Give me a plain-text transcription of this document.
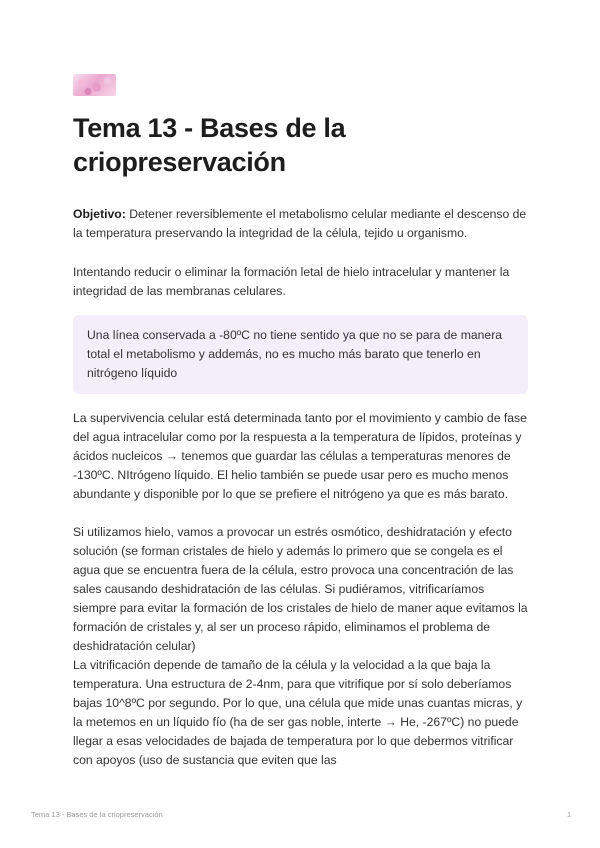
Tema 13 - Bases de la criopreservación

Objetivo: Detener reversiblemente el metabolismo celular mediante el descenso de la temperatura preservando la integridad de la célula, tejido u organismo.

Intentando reducir o eliminar la formación letal de hielo intracelular y mantener la integridad de las membranas celulares.

Una línea conservada a -80ºC no tiene sentido ya que no se para de manera total el metabolismo y addemás, no es mucho más barato que tenerlo en nitrógeno líquido

La supervivencia celular está determinada tanto por el movimiento y cambio de fase del agua intracelular como por la respuesta a la temperatura de lípidos, proteínas y ácidos nucleicos → tenemos que guardar las células a temperaturas menores de -130ºC. NItrógeno líquido. El helio también se puede usar pero es mucho menos abundante y disponible por lo que se prefiere el nitrógeno ya que es más barato.

Si utilizamos hielo, vamos a provocar un estrés osmótico, deshidratación y efecto solución (se forman cristales de hielo y además lo primero que se congela es el agua que se encuentra fuera de la célula, estro provoca una concentración de las sales causando deshidratación de las células. Si pudiéramos, vitrificaríamos siempre para evitar la formación de los cristales de hielo de maner aque evitamos la formación de cristales y, al ser un proceso rápido, eliminamos el problema de deshidratación celular)

La vitrificación depende de tamaño de la célula y la velocidad a la que baja la temperatura. Una estructura de 2-4nm, para que vitrifique por sí solo deberíamos bajas 10^8ºC por segundo. Por lo que, una célula que mide unas cuantas micras, y la metemos en un líquido fío (ha de ser gas noble, interte → He, -267ºC) no puede llegar a esas velocidades de bajada de temperatura por lo que debermos vitrificar con apoyos (uso de sustancia que eviten que las

Tema 13 - Bases de la criopreservación	1
